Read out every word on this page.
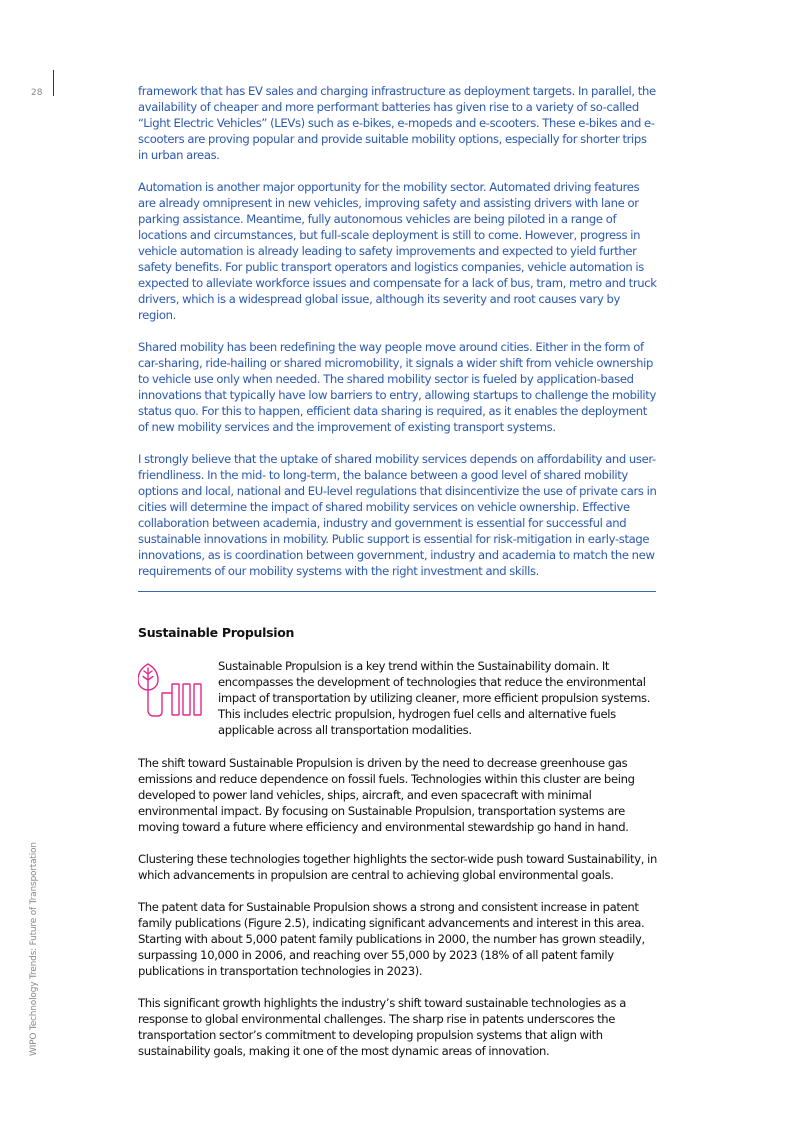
28
WIPO Technology Trends: Future of Transportation

framework that has EV sales and charging infrastructure as deployment targets. In parallel, the availability of cheaper and more performant batteries has given rise to a variety of so-called “Light Electric Vehicles” (LEVs) such as e-bikes, e-mopeds and e-scooters. These e-bikes and e-scooters are proving popular and provide suitable mobility options, especially for shorter trips in urban areas.

Automation is another major opportunity for the mobility sector. Automated driving features are already omnipresent in new vehicles, improving safety and assisting drivers with lane or parking assistance. Meantime, fully autonomous vehicles are being piloted in a range of locations and circumstances, but full-scale deployment is still to come. However, progress in vehicle automation is already leading to safety improvements and expected to yield further safety benefits. For public transport operators and logistics companies, vehicle automation is expected to alleviate workforce issues and compensate for a lack of bus, tram, metro and truck drivers, which is a widespread global issue, although its severity and root causes vary by region.

Shared mobility has been redefining the way people move around cities. Either in the form of car-sharing, ride-hailing or shared micromobility, it signals a wider shift from vehicle ownership to vehicle use only when needed. The shared mobility sector is fueled by application-based innovations that typically have low barriers to entry, allowing startups to challenge the mobility status quo. For this to happen, efficient data sharing is required, as it enables the deployment of new mobility services and the improvement of existing transport systems.

I strongly believe that the uptake of shared mobility services depends on affordability and user-friendliness. In the mid- to long-term, the balance between a good level of shared mobility options and local, national and EU-level regulations that disincentivize the use of private cars in cities will determine the impact of shared mobility services on vehicle ownership. Effective collaboration between academia, industry and government is essential for successful and sustainable innovations in mobility. Public support is essential for risk-mitigation in early-stage innovations, as is coordination between government, industry and academia to match the new requirements of our mobility systems with the right investment and skills.

Sustainable Propulsion

Sustainable Propulsion is a key trend within the Sustainability domain. It encompasses the development of technologies that reduce the environmental impact of transportation by utilizing cleaner, more efficient propulsion systems. This includes electric propulsion, hydrogen fuel cells and alternative fuels applicable across all transportation modalities.

The shift toward Sustainable Propulsion is driven by the need to decrease greenhouse gas emissions and reduce dependence on fossil fuels. Technologies within this cluster are being developed to power land vehicles, ships, aircraft, and even spacecraft with minimal environmental impact. By focusing on Sustainable Propulsion, transportation systems are moving toward a future where efficiency and environmental stewardship go hand in hand.

Clustering these technologies together highlights the sector-wide push toward Sustainability, in which advancements in propulsion are central to achieving global environmental goals.

The patent data for Sustainable Propulsion shows a strong and consistent increase in patent family publications (Figure 2.5), indicating significant advancements and interest in this area. Starting with about 5,000 patent family publications in 2000, the number has grown steadily, surpassing 10,000 in 2006, and reaching over 55,000 by 2023 (18% of all patent family publications in transportation technologies in 2023).

This significant growth highlights the industry’s shift toward sustainable technologies as a response to global environmental challenges. The sharp rise in patents underscores the transportation sector’s commitment to developing propulsion systems that align with sustainability goals, making it one of the most dynamic areas of innovation.
